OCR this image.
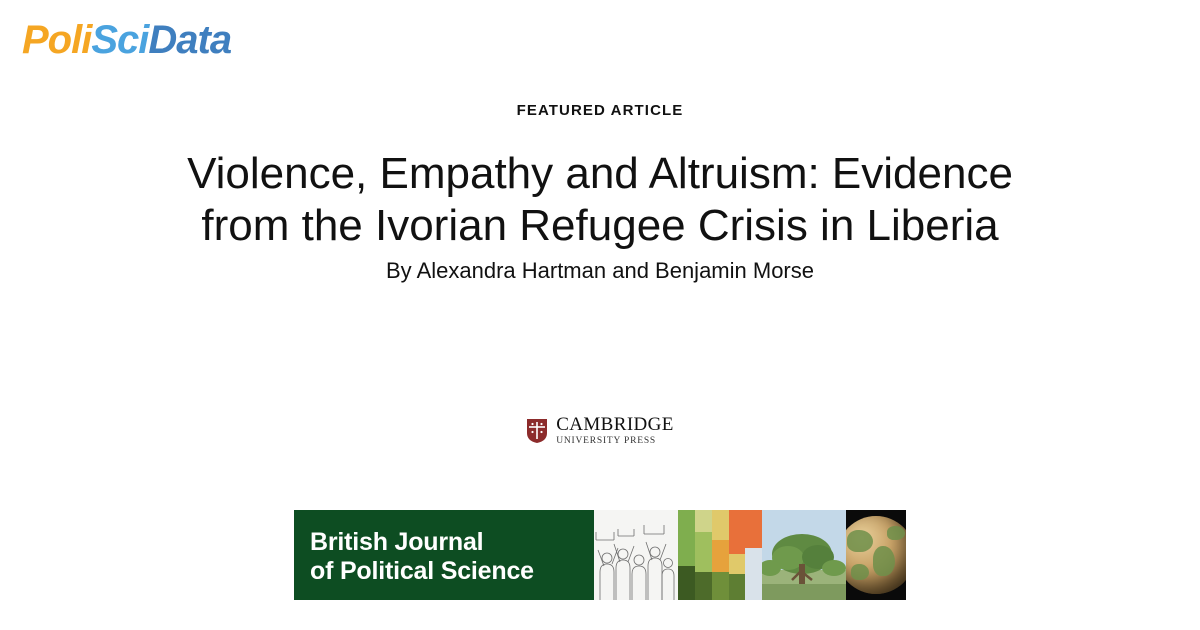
PoliSciData
FEATURED ARTICLE
Violence, Empathy and Altruism: Evidence
from the Ivorian Refugee Crisis in Liberia
By Alexandra Hartman and Benjamin Morse
CAMBRIDGE
UNIVERSITY PRESS
British Journal
of Political Science
